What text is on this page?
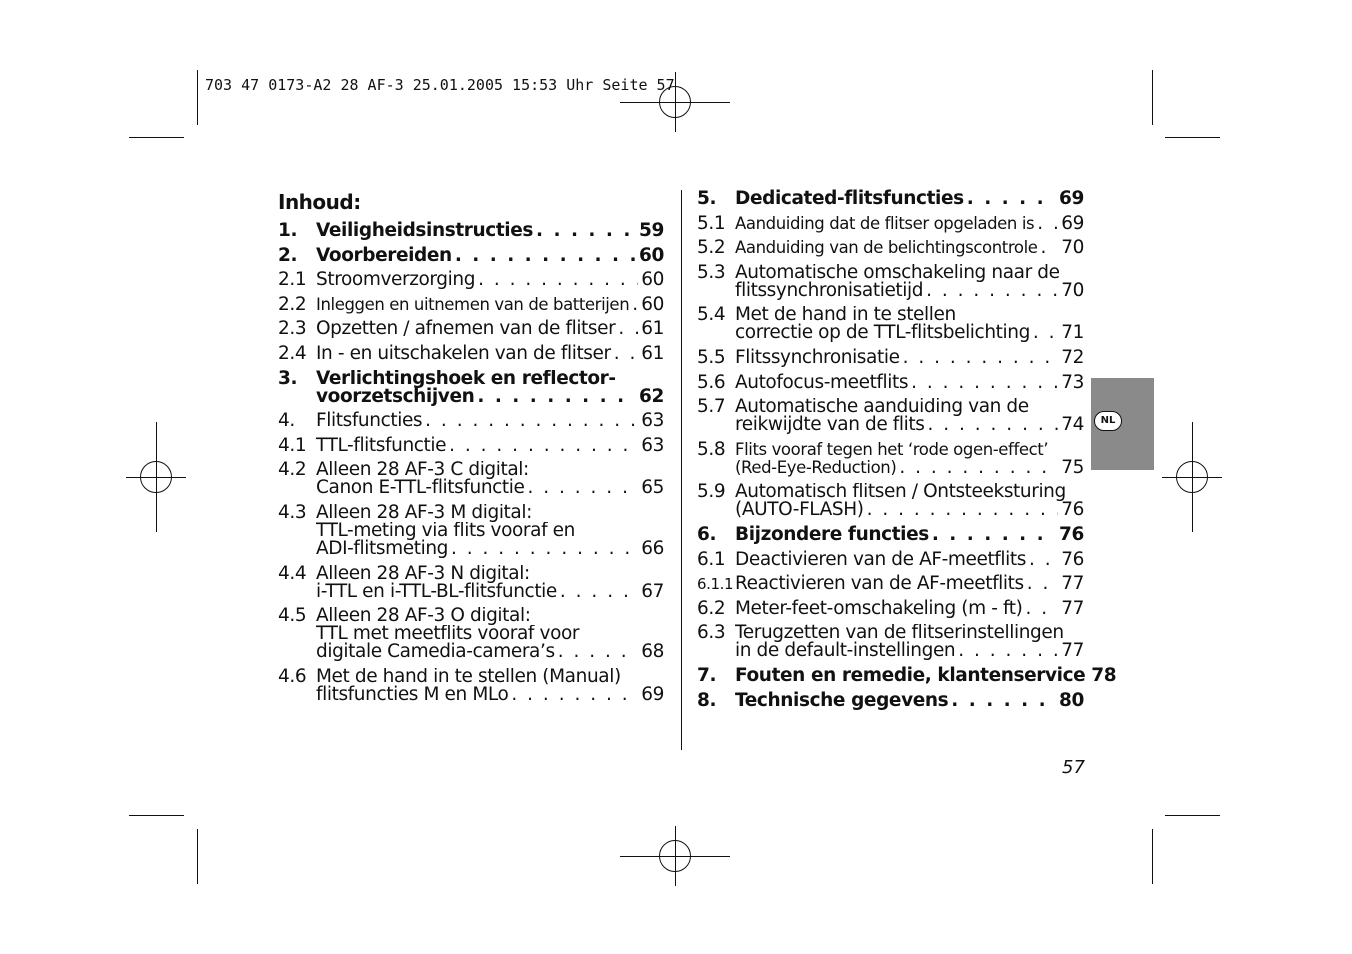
703 47 0173-A2 28 AF-3 25.01.2005 15:53 Uhr Seite 57
Inhoud:
1.	Veiligheidsinstructies . . .	59
2.	Voorbereiden . . .	60
2.1 Stroomverzorging . . .	60
2.2 Inleggen en uitnemen van de batterijen . . . 60
2.3 Opzetten / afnemen van de flitser . . . 61
2.4 In - en uitschakelen van de flitser . . . 61
3.	Verlichtingshoek en reflector-
voorzetschijven . . .	62
4.	Flitsfuncties . . .	63
4.1 TTL-flitsfunctie . . .	63
4.2 Alleen 28 AF-3 C digital:
Canon E-TTL-flitsfunctie . . .	65
4.3 Alleen 28 AF-3 M digital:
TTL-meting via flits vooraf en
ADI-flitsmeting . . .	66
4.4 Alleen 28 AF-3 N digital:
i-TTL en i-TTL-BL-flitsfunctie . . .	67
4.5 Alleen 28 AF-3 O digital:
TTL met meetflits vooraf voor
digitale Camedia-camera’s . . .	68
4.6 Met de hand in te stellen (Manual)
flitsfuncties M en MLo . . .	69
5.	Dedicated-flitsfuncties . . .	69
5.1 Aanduiding dat de flitser opgeladen is . . . 69
5.2 Aanduiding van de belichtingscontrole . . . 70
5.3 Automatische omschakeling naar de
flitssynchronisatietijd . . .	70
5.4 Met de hand in te stellen
correctie op de TTL-flitsbelichting . . . 71
5.5 Flitssynchronisatie . . .	72
5.6 Autofocus-meetflits . . .	73
5.7 Automatische aanduiding van de
reikwijdte van de flits . . .	74
5.8 Flits vooraf tegen het ‘rode ogen-effect’
(Red-Eye-Reduction) . . .	75
5.9 Automatisch flitsen / Ontsteeksturing
(AUTO-FLASH) . . .	76
6.	Bijzondere functies . . .	76
6.1 Deactivieren van de AF-meetflits . . . 76
6.1.1 Reactivieren van de AF-meetflits . . . 77
6.2 Meter-feet-omschakeling (m - ft) . . . 77
6.3 Terugzetten van de flitserinstellingen
in de default-instellingen . . .	77
7.	Fouten en remedie, klantenservice 78
8.	Technische gegevens . . .	80
NL
57
